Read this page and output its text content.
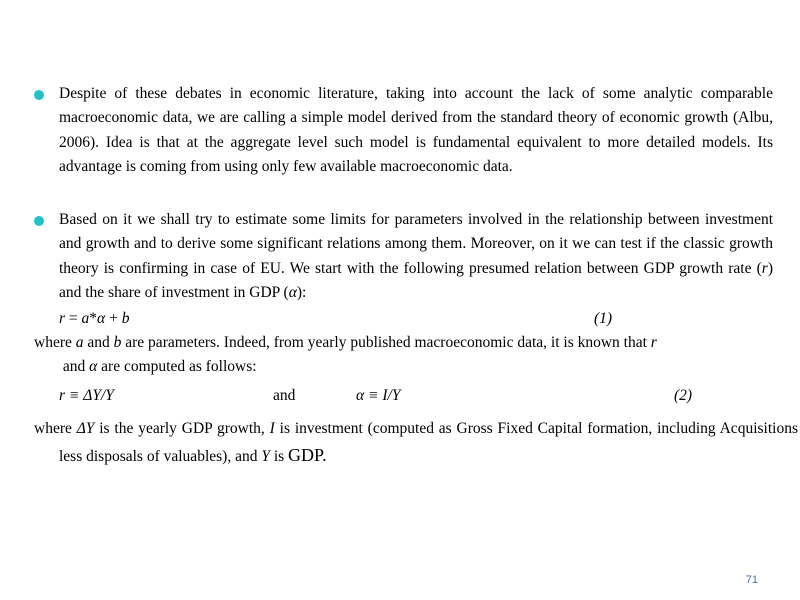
Despite of these debates in economic literature, taking into account the lack of some analytic comparable macroeconomic data, we are calling a simple model derived from the standard theory of economic growth (Albu, 2006). Idea is that at the aggregate level such model is fundamental equivalent to more detailed models. Its advantage is coming from using only few available macroeconomic data.
Based on it we shall try to estimate some limits for parameters involved in the relationship between investment and growth and to derive some significant relations among them. Moreover, on it we can test if the classic growth theory is confirming in case of EU. We start with the following presumed relation between GDP growth rate (r) and the share of investment in GDP (α):
r = a*α + b	(1)
where a and b are parameters. Indeed, from yearly published macroeconomic data, it is known that r
and α are computed as follows:
r ≡ ΔY/Y	and	α ≡ I/Y	(2)
where ΔY is the yearly GDP growth, I is investment (computed as Gross Fixed Capital formation, including Acquisitions less disposals of valuables), and Y is GDP.
71
